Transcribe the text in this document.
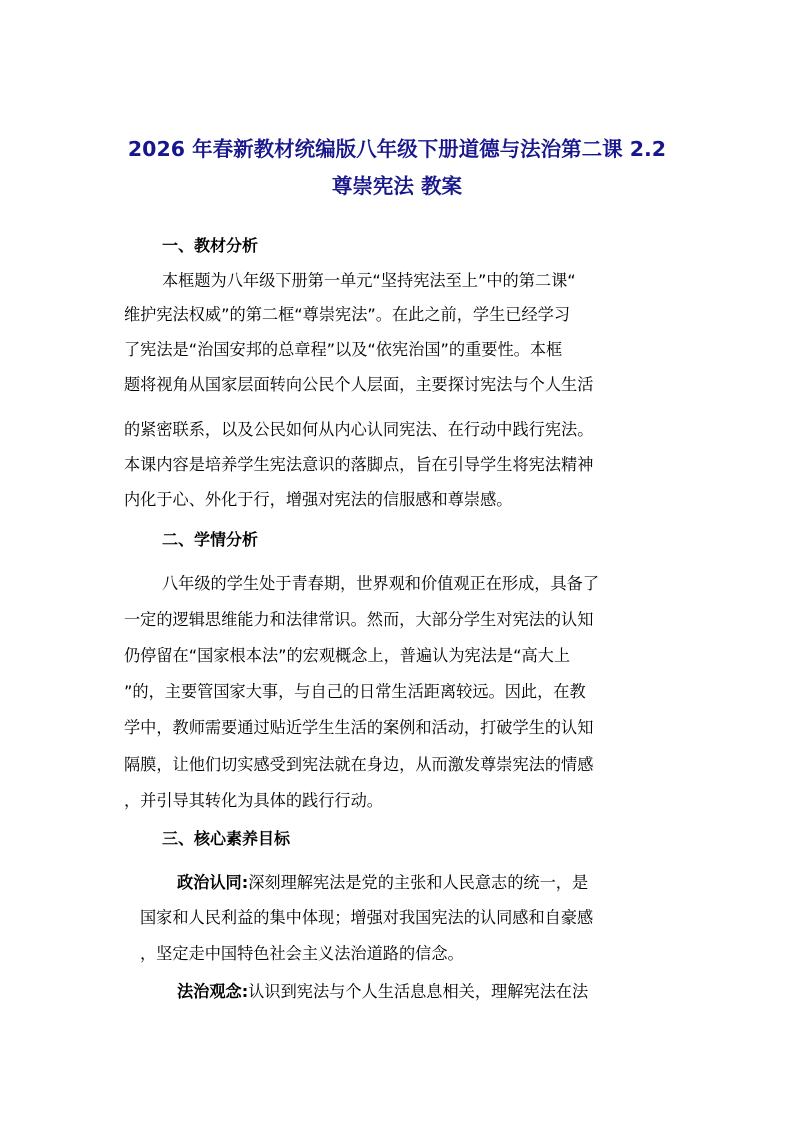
2026 年春新教材统编版八年级下册道德与法治第二课 2.2
尊崇宪法 教案
一、教材分析
本框题为八年级下册第一单元“坚持宪法至上”中的第二课“
维护宪法权威”的第二框“尊崇宪法”。在此之前，学生已经学习
了宪法是“治国安邦的总章程”以及“依宪治国”的重要性。本框
题将视角从国家层面转向公民个人层面，主要探讨宪法与个人生活
的紧密联系，以及公民如何从内心认同宪法、在行动中践行宪法。
本课内容是培养学生宪法意识的落脚点，旨在引导学生将宪法精神
内化于心、外化于行，增强对宪法的信服感和尊崇感。
二、学情分析
八年级的学生处于青春期，世界观和价值观正在形成，具备了
一定的逻辑思维能力和法律常识。然而，大部分学生对宪法的认知
仍停留在“国家根本法”的宏观概念上，普遍认为宪法是“高大上
”的，主要管国家大事，与自己的日常生活距离较远。因此，在教
学中，教师需要通过贴近学生生活的案例和活动，打破学生的认知
隔膜，让他们切实感受到宪法就在身边，从而激发尊崇宪法的情感
，并引导其转化为具体的践行行动。
三、核心素养目标
政治认同:深刻理解宪法是党的主张和人民意志的统一，是
国家和人民利益的集中体现；增强对我国宪法的认同感和自豪感
，坚定走中国特色社会主义法治道路的信念。
法治观念:认识到宪法与个人生活息息相关，理解宪法在法
